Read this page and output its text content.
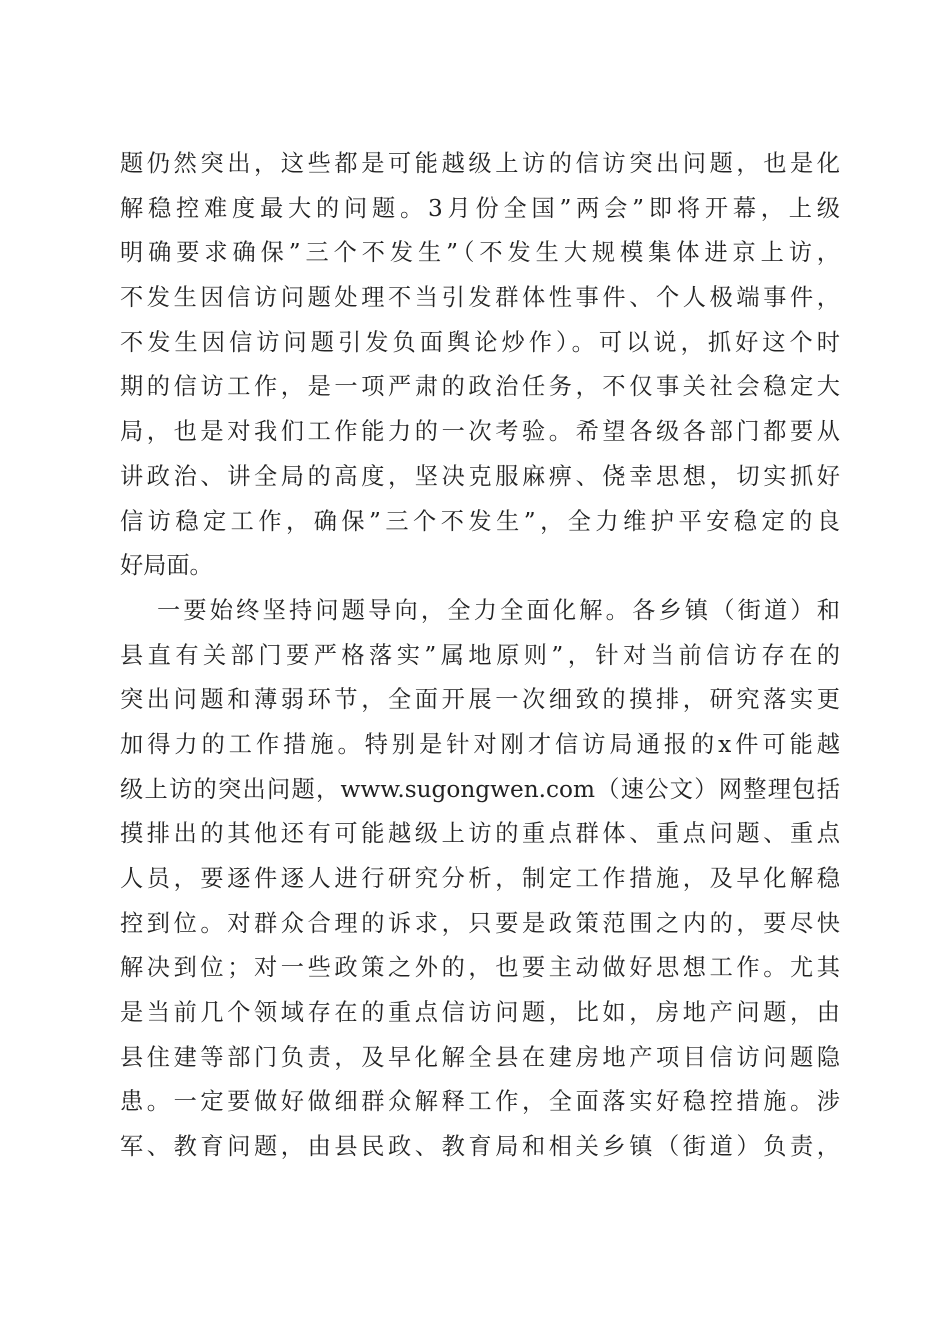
题仍然突出，这些都是可能越级上访的信访突出问题，也是化
解稳控难度最大的问题。3月份全国”两会”即将开幕，上级
明确要求确保”三个不发生”（不发生大规模集体进京上访，
不发生因信访问题处理不当引发群体性事件、个人极端事件，
不发生因信访问题引发负面舆论炒作）。可以说，抓好这个时
期的信访工作，是一项严肃的政治任务，不仅事关社会稳定大
局，也是对我们工作能力的一次考验。希望各级各部门都要从
讲政治、讲全局的高度，坚决克服麻痹、侥幸思想，切实抓好
信访稳定工作，确保”三个不发生”，全力维护平安稳定的良
好局面。
一要始终坚持问题导向，全力全面化解。各乡镇（街道）和
县直有关部门要严格落实”属地原则”，针对当前信访存在的
突出问题和薄弱环节，全面开展一次细致的摸排，研究落实更
加得力的工作措施。特别是针对刚才信访局通报的x件可能越
级上访的突出问题，www.sugongwen.com（速公文）网整理包括
摸排出的其他还有可能越级上访的重点群体、重点问题、重点
人员，要逐件逐人进行研究分析，制定工作措施，及早化解稳
控到位。对群众合理的诉求，只要是政策范围之内的，要尽快
解决到位；对一些政策之外的，也要主动做好思想工作。尤其
是当前几个领域存在的重点信访问题，比如，房地产问题，由
县住建等部门负责，及早化解全县在建房地产项目信访问题隐
患。一定要做好做细群众解释工作，全面落实好稳控措施。涉
军、教育问题，由县民政、教育局和相关乡镇（街道）负责，
